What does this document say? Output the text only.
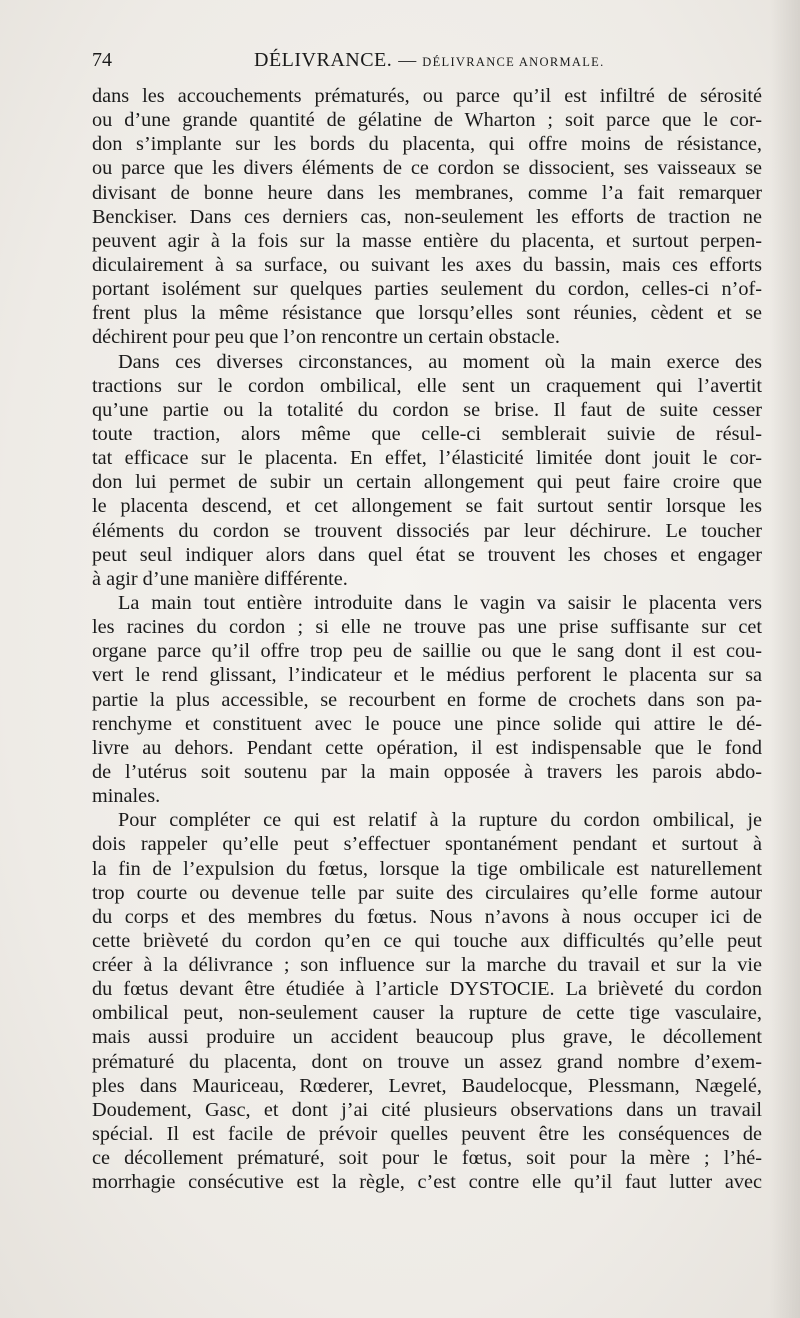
74	DÉLIVRANCE. — DÉLIVRANCE ANORMALE.
dans les accouchements prématurés, ou parce qu’il est infiltré de sérosité
ou d’une grande quantité de gélatine de Wharton ; soit parce que le cor-
don s’implante sur les bords du placenta, qui offre moins de résistance,
ou parce que les divers éléments de ce cordon se dissocient, ses vaisseaux se
divisant de bonne heure dans les membranes, comme l’a fait remarquer
Benckiser. Dans ces derniers cas, non-seulement les efforts de traction ne
peuvent agir à la fois sur la masse entière du placenta, et surtout perpen-
diculairement à sa surface, ou suivant les axes du bassin, mais ces efforts
portant isolément sur quelques parties seulement du cordon, celles-ci n’of-
frent plus la même résistance que lorsqu’elles sont réunies, cèdent et se
déchirent pour peu que l’on rencontre un certain obstacle.
Dans ces diverses circonstances, au moment où la main exerce des
tractions sur le cordon ombilical, elle sent un craquement qui l’avertit
qu’une partie ou la totalité du cordon se brise. Il faut de suite cesser
toute traction, alors même que celle-ci semblerait suivie de résul-
tat efficace sur le placenta. En effet, l’élasticité limitée dont jouit le cor-
don lui permet de subir un certain allongement qui peut faire croire que
le placenta descend, et cet allongement se fait surtout sentir lorsque les
éléments du cordon se trouvent dissociés par leur déchirure. Le toucher
peut seul indiquer alors dans quel état se trouvent les choses et engager
à agir d’une manière différente.
La main tout entière introduite dans le vagin va saisir le placenta vers
les racines du cordon ; si elle ne trouve pas une prise suffisante sur cet
organe parce qu’il offre trop peu de saillie ou que le sang dont il est cou-
vert le rend glissant, l’indicateur et le médius perforent le placenta sur sa
partie la plus accessible, se recourbent en forme de crochets dans son pa-
renchyme et constituent avec le pouce une pince solide qui attire le dé-
livre au dehors. Pendant cette opération, il est indispensable que le fond
de l’utérus soit soutenu par la main opposée à travers les parois abdo-
minales.
Pour compléter ce qui est relatif à la rupture du cordon ombilical, je
dois rappeler qu’elle peut s’effectuer spontanément pendant et surtout à
la fin de l’expulsion du fœtus, lorsque la tige ombilicale est naturellement
trop courte ou devenue telle par suite des circulaires qu’elle forme autour
du corps et des membres du fœtus. Nous n’avons à nous occuper ici de
cette brièveté du cordon qu’en ce qui touche aux difficultés qu’elle peut
créer à la délivrance ; son influence sur la marche du travail et sur la vie
du fœtus devant être étudiée à l’article DYSTOCIE. La brièveté du cordon
ombilical peut, non-seulement causer la rupture de cette tige vasculaire,
mais aussi produire un accident beaucoup plus grave, le décollement
prématuré du placenta, dont on trouve un assez grand nombre d’exem-
ples dans Mauriceau, Rœderer, Levret, Baudelocque, Plessmann, Nægelé,
Doudement, Gasc, et dont j’ai cité plusieurs observations dans un travail
spécial. Il est facile de prévoir quelles peuvent être les conséquences de
ce décollement prématuré, soit pour le fœtus, soit pour la mère ; l’hé-
morrhagie consécutive est la règle, c’est contre elle qu’il faut lutter avec
